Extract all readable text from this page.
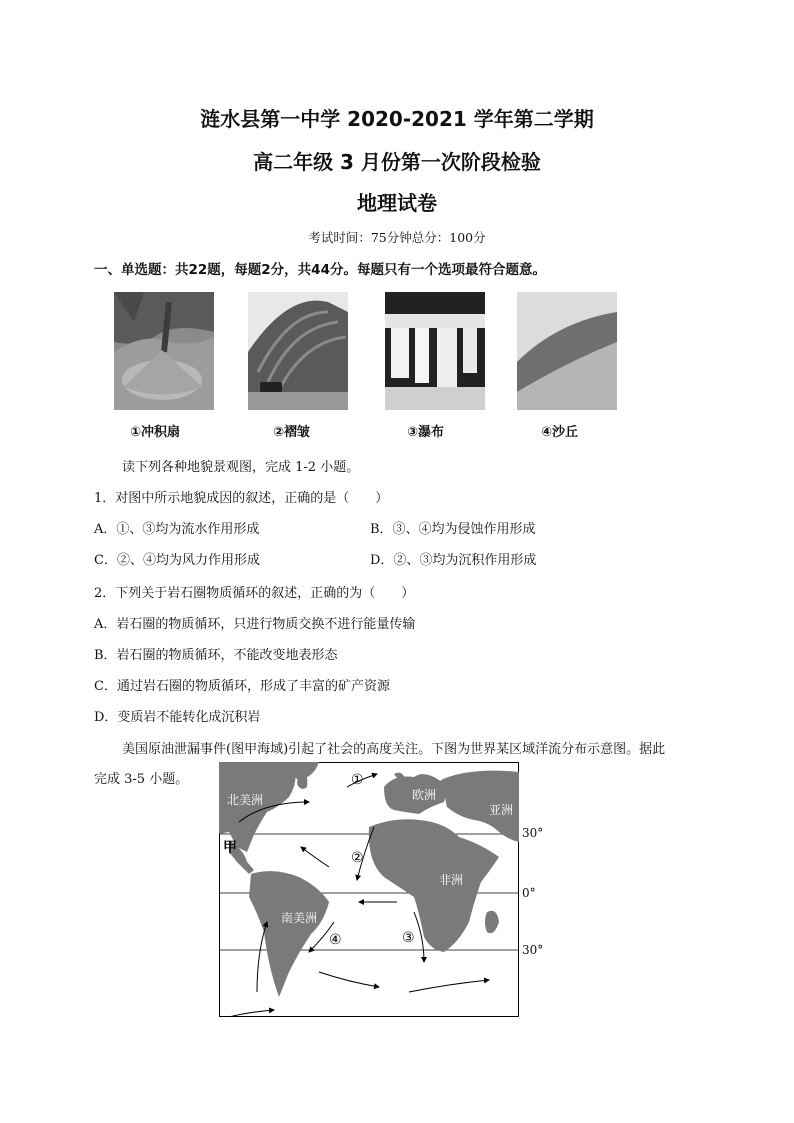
涟水县第一中学 2020-2021 学年第二学期
高二年级 3 月份第一次阶段检验
地理试卷
考试时间：75分钟总分：100分
一、单选题：共22题，每题2分，共44分。每题只有一个选项最符合题意。
①冲积扇	②褶皱	③瀑布	④沙丘
读下列各种地貌景观图，完成 1-2 小题。
1．对图中所示地貌成因的叙述，正确的是（　　）
A．①、③均为流水作用形成	B．③、④均为侵蚀作用形成
C．②、④均为风力作用形成	D．②、③均为沉积作用形成
2．下列关于岩石圈物质循环的叙述，正确的为（　　）
A．岩石圈的物质循环，只进行物质交换不进行能量传输
B．岩石圈的物质循环，不能改变地表形态
C．通过岩石圈的物质循环，形成了丰富的矿产资源
D．变质岩不能转化成沉积岩
美国原油泄漏事件(图甲海域)引起了社会的高度关注。下图为世界某区域洋流分布示意图。据此
完成 3-5 小题。
北美洲	欧洲
亚洲
非洲
南美洲
甲
①
②
③
④
30°
0°
30°
